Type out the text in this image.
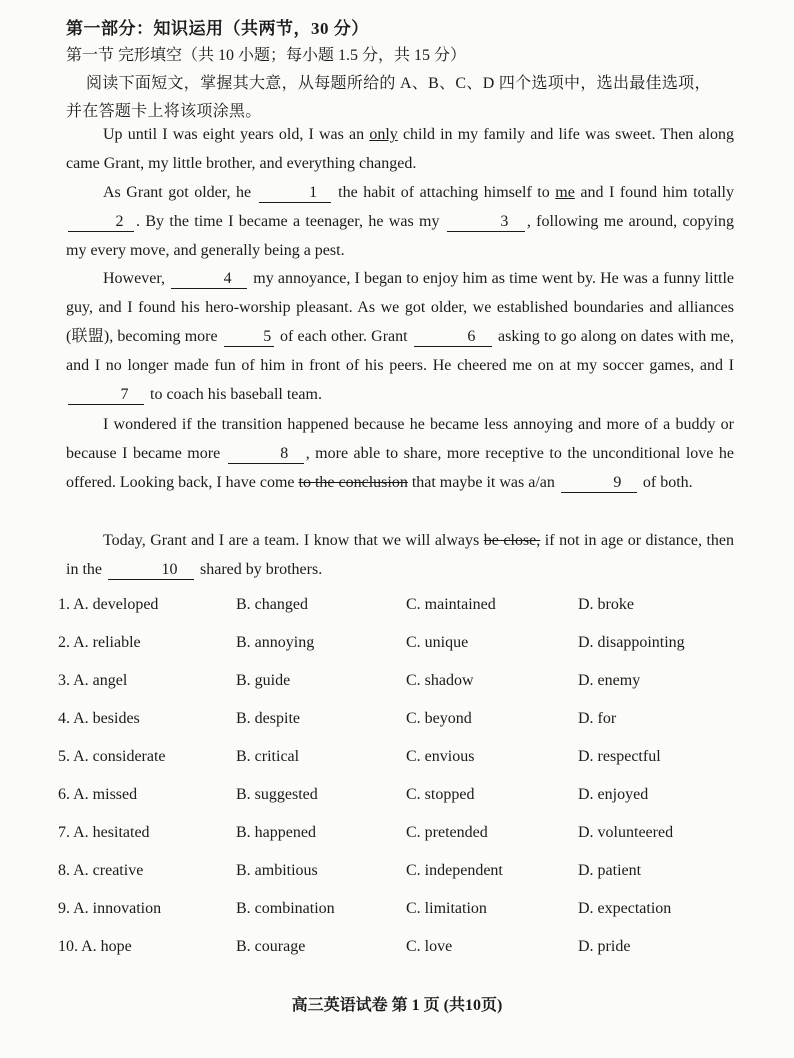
第一部分：知识运用（共两节，30 分）
第一节 完形填空（共 10 小题；每小题 1.5 分，共 15 分）
阅读下面短文，掌握其大意，从每题所给的 A、B、C、D 四个选项中，选出最佳选项，
并在答题卡上将该项涂黑。
Up until I was eight years old, I was an only child in my family and life was sweet. Then along came Grant, my little brother, and everything changed.
As Grant got older, he	1 the habit of attaching himself to me and I found him totally 2 . By the time I became a teenager, he was my	3 , following me around, copying my every move, and generally being a pest.
However,	4 my annoyance, I began to enjoy him as time went by. He was a funny little guy, and I found his hero-worship pleasant. As we got older, we established boundaries and alliances (联盟), becoming more	5 of each other. Grant	6 asking to go along on dates with me, and I no longer made fun of him in front of his peers. He cheered me on at my soccer games, and I 7 to coach his baseball team.
I wondered if the transition happened because he became less annoying and more of a buddy or because I became more	8 , more able to share, more receptive to the unconditional love he offered. Looking back, I have come to the conclusion that maybe it was a/an	9 of both.
Today, Grant and I are a team. I know that we will always be close, if not in age or distance, then in the	10 shared by brothers.
1. A. developed	B. changed	C. maintained	D. broke
2. A. reliable	B. annoying	C. unique	D. disappointing
3. A. angel	B. guide	C. shadow	D. enemy
4. A. besides	B. despite	C. beyond	D. for
5. A. considerate	B. critical	C. envious	D. respectful
6. A. missed	B. suggested	C. stopped	D. enjoyed
7. A. hesitated	B. happened	C. pretended	D. volunteered
8. A. creative	B. ambitious	C. independent	D. patient
9. A. innovation	B. combination	C. limitation	D. expectation
10. A. hope	B. courage	C. love	D. pride
高三英语试卷 第 1 页 (共10页)
